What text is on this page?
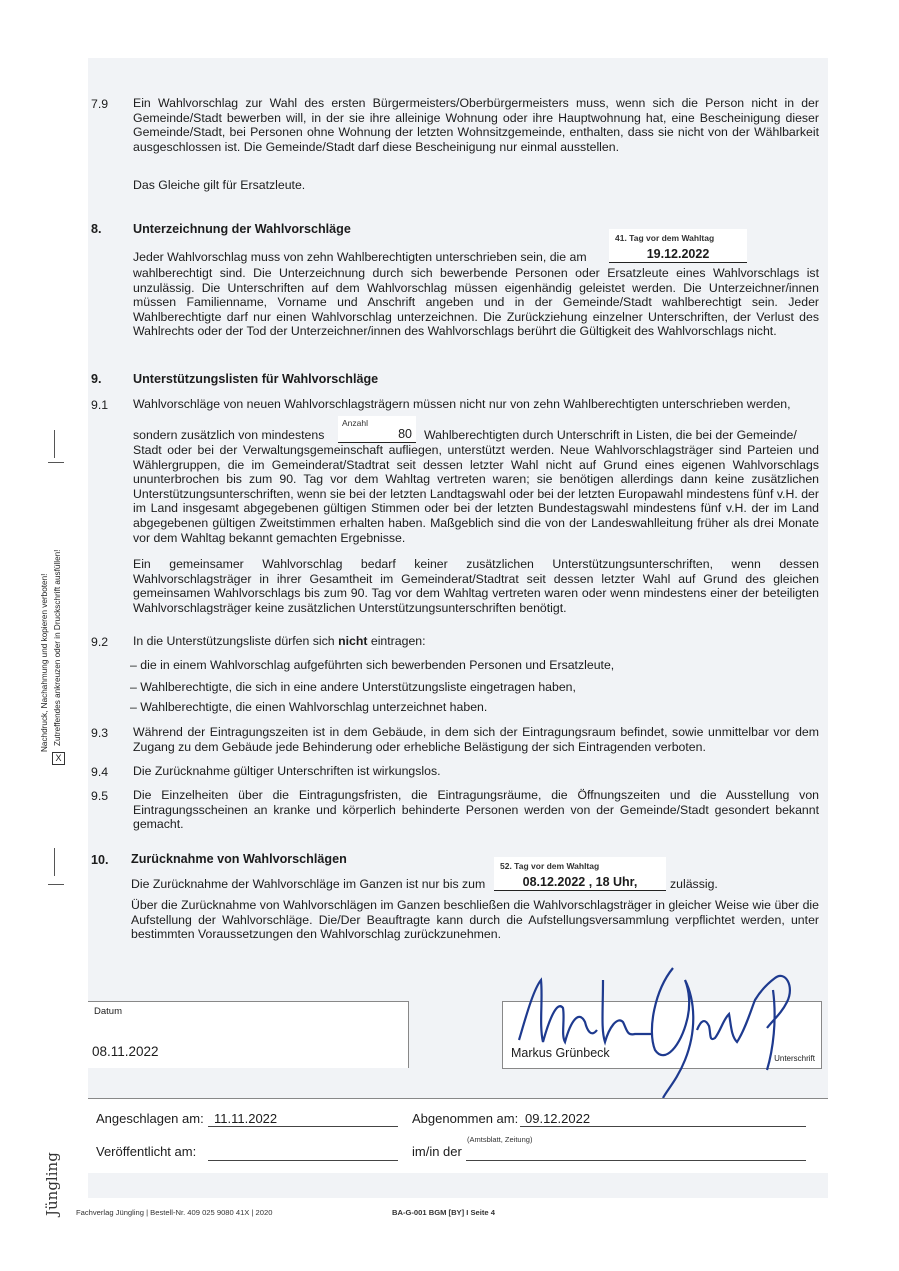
7.9 Ein Wahlvorschlag zur Wahl des ersten Bürgermeisters/Oberbürgermeisters muss, wenn sich die Person nicht in der Gemeinde/Stadt bewerben will, in der sie ihre alleinige Wohnung oder ihre Hauptwohnung hat, eine Bescheinigung dieser Gemeinde/Stadt, bei Personen ohne Wohnung der letzten Wohnsitzgemeinde, enthalten, dass sie nicht von der Wählbarkeit ausgeschlossen ist. Die Gemeinde/Stadt darf diese Bescheinigung nur einmal ausstellen.
Das Gleiche gilt für Ersatzleute.
8. Unterzeichnung der Wahlvorschläge
41. Tag vor dem Wahltag
19.12.2022
Jeder Wahlvorschlag muss von zehn Wahlberechtigten unterschrieben sein, die am
wahlberechtigt sind. Die Unterzeichnung durch sich bewerbende Personen oder Ersatzleute eines Wahlvorschlags ist unzulässig. Die Unterschriften auf dem Wahlvorschlag müssen eigenhändig geleistet werden. Die Unterzeichner/innen müssen Familienname, Vorname und Anschrift angeben und in der Gemeinde/Stadt wahlberechtigt sein. Jeder Wahlberechtigte darf nur einen Wahlvorschlag unterzeichnen. Die Zurückziehung einzelner Unterschriften, der Verlust des Wahlrechts oder der Tod der Unterzeichner/innen des Wahlvorschlags berührt die Gültigkeit des Wahlvorschlags nicht.
9. Unterstützungslisten für Wahlvorschläge
9.1 Wahlvorschläge von neuen Wahlvorschlagsträgern müssen nicht nur von zehn Wahlberechtigten unterschrieben werden,
Anzahl
80
sondern zusätzlich von mindestens	Wahlberechtigten durch Unterschrift in Listen, die bei der Gemeinde/
Stadt oder bei der Verwaltungsgemeinschaft aufliegen, unterstützt werden. Neue Wahlvorschlagsträger sind Parteien und Wählergruppen, die im Gemeinderat/Stadtrat seit dessen letzter Wahl nicht auf Grund eines eigenen Wahlvorschlags ununterbrochen bis zum 90. Tag vor dem Wahltag vertreten waren; sie benötigen allerdings dann keine zusätzlichen Unterstützungsunterschriften, wenn sie bei der letzten Landtagswahl oder bei der letzten Europawahl mindestens fünf v.H. der im Land insgesamt abgegebenen gültigen Stimmen oder bei der letzten Bundestagswahl mindestens fünf v.H. der im Land abgegebenen gültigen Zweitstimmen erhalten haben. Maßgeblich sind die von der Landeswahlleitung früher als drei Monate vor dem Wahltag bekannt gemachten Ergebnisse.
Ein gemeinsamer Wahlvorschlag bedarf keiner zusätzlichen Unterstützungsunterschriften, wenn dessen Wahlvorschlagsträger in ihrer Gesamtheit im Gemeinderat/Stadtrat seit dessen letzter Wahl auf Grund des gleichen gemeinsamen Wahlvorschlags bis zum 90. Tag vor dem Wahltag vertreten waren oder wenn mindestens einer der beteiligten Wahlvorschlagsträger keine zusätzlichen Unterstützungsunterschriften benötigt.
9.2 In die Unterstützungsliste dürfen sich nicht eintragen:
– die in einem Wahlvorschlag aufgeführten sich bewerbenden Personen und Ersatzleute,
– Wahlberechtigte, die sich in eine andere Unterstützungsliste eingetragen haben,
– Wahlberechtigte, die einen Wahlvorschlag unterzeichnet haben.
9.3 Während der Eintragungszeiten ist in dem Gebäude, in dem sich der Eintragungsraum befindet, sowie unmittelbar vor dem Zugang zu dem Gebäude jede Behinderung oder erhebliche Belästigung der sich Eintragenden verboten.
9.4 Die Zurücknahme gültiger Unterschriften ist wirkungslos.
9.5 Die Einzelheiten über die Eintragungsfristen, die Eintragungsräume, die Öffnungszeiten und die Ausstellung von Eintragungsscheinen an kranke und körperlich behinderte Personen werden von der Gemeinde/Stadt gesondert bekannt gemacht.
10. Zurücknahme von Wahlvorschlägen	52. Tag vor dem Wahltag
08.12.2022 , 18 Uhr,
Die Zurücknahme der Wahlvorschläge im Ganzen ist nur bis zum	zulässig.
Über die Zurücknahme von Wahlvorschlägen im Ganzen beschließen die Wahlvorschlagsträger in gleicher Weise wie über die Aufstellung der Wahlvorschläge. Die/Der Beauftragte kann durch die Aufstellungsversammlung verpflichtet werden, unter bestimmten Voraussetzungen den Wahlvorschlag zurückzunehmen.
Datum
08.11.2022	Markus Grünbeck	Unterschrift
Angeschlagen am: 11.11.2022	Abgenommen am: 09.12.2022
(Amtsblatt, Zeitung)
Veröffentlicht am:	im/in der
Nachdruck, Nachahmung und kopieren verboten!
X
Zutreffendes ankreuzen oder in Druckschrift ausfüllen!
Jüngling Fachverlag Jüngling | Bestell-Nr. 409 025 9080 41X | 2020	BA-G-001 BGM [BY] I Seite 4
